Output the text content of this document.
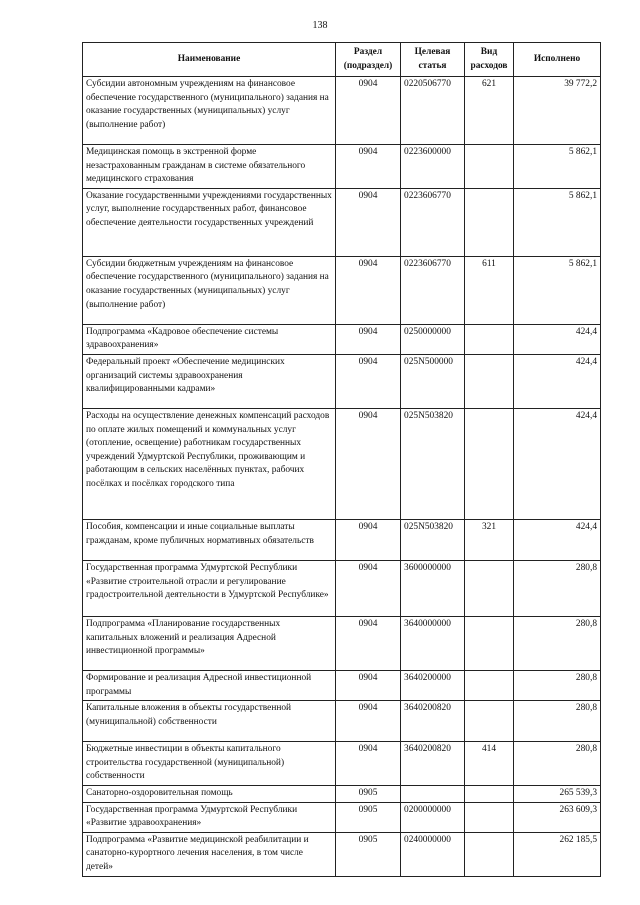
138
Наименование	Раздел (подраздел)	Целевая статья	Вид расходов	Исполнено
Субсидии автономным учреждениям на финансовое обеспечение государственного (муниципального) задания на оказание государственных (муниципальных) услуг (выполнение работ)	0904	0220506770	621	39 772,2
Медицинская помощь в экстренной форме незастрахованным гражданам в системе обязательного медицинского страхования	0904	0223600000		5 862,1
Оказание государственными учреждениями государственных услуг, выполнение государственных работ, финансовое обеспечение деятельности государственных учреждений	0904	0223606770		5 862,1
Субсидии бюджетным учреждениям на финансовое обеспечение государственного (муниципального) задания на оказание государственных (муниципальных) услуг (выполнение работ)	0904	0223606770	611	5 862,1
Подпрограмма «Кадровое обеспечение системы здравоохранения»	0904	0250000000		424,4
Федеральный проект «Обеспечение медицинских организаций системы здравоохранения квалифицированными кадрами»	0904	025N500000		424,4
Расходы на осуществление денежных компенсаций расходов по оплате жилых помещений и коммунальных услуг (отопление, освещение) работникам государственных учреждений Удмуртской Республики, проживающим и работающим в сельских населённых пунктах, рабочих посёлках и посёлках городского типа	0904	025N503820		424,4
Пособия, компенсации и иные социальные выплаты гражданам, кроме публичных нормативных обязательств	0904	025N503820	321	424,4
Государственная программа Удмуртской Республики «Развитие строительной отрасли и регулирование градостроительной деятельности в Удмуртской Республике»	0904	3600000000		280,8
Подпрограмма «Планирование государственных капитальных вложений и реализация Адресной инвестиционной программы»	0904	3640000000		280,8
Формирование и реализация Адресной инвестиционной программы	0904	3640200000		280,8
Капитальные вложения в объекты государственной (муниципальной) собственности	0904	3640200820		280,8
Бюджетные инвестиции в объекты капитального строительства государственной (муниципальной) собственности	0904	3640200820	414	280,8
Санаторно-оздоровительная помощь	0905			265 539,3
Государственная программа Удмуртской Республики «Развитие здравоохранения»	0905	0200000000		263 609,3
Подпрограмма «Развитие медицинской реабилитации и санаторно-курортного лечения населения, в том числе детей»	0905	0240000000		262 185,5
